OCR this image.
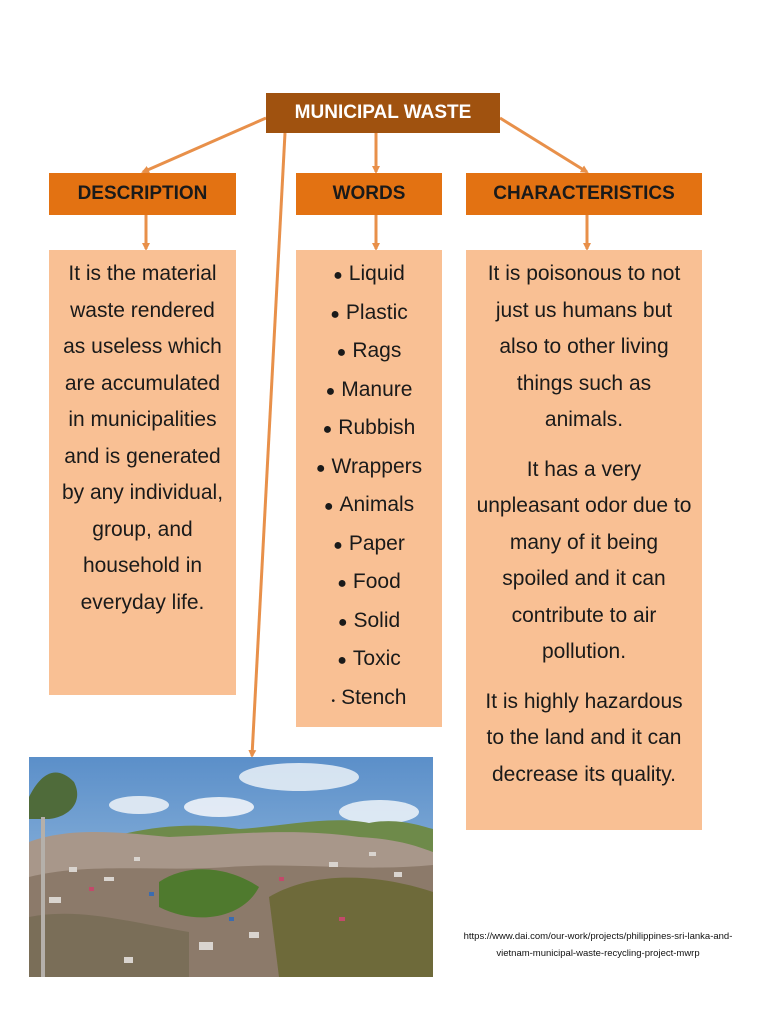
MUNICIPAL WASTE
DESCRIPTION	WORDS	CHARACTERISTICS
It is the material waste rendered as useless which are accumulated in municipalities and is generated by any individual, group, and household in everyday life.
● Liquid
● Plastic
● Rags
● Manure
● Rubbish
● Wrappers
● Animals
● Paper
● Food
● Solid
● Toxic
• Stench

It is poisonous to not just us humans but also to other living things such as animals.

It has a very unpleasant odor due to many of it being spoiled and it can contribute to air pollution.

It is highly hazardous to the land and it can decrease its quality.

https://www.dai.com/our-work/projects/philippines-sri-lanka-and-vietnam-municipal-waste-recycling-project-mwrp
